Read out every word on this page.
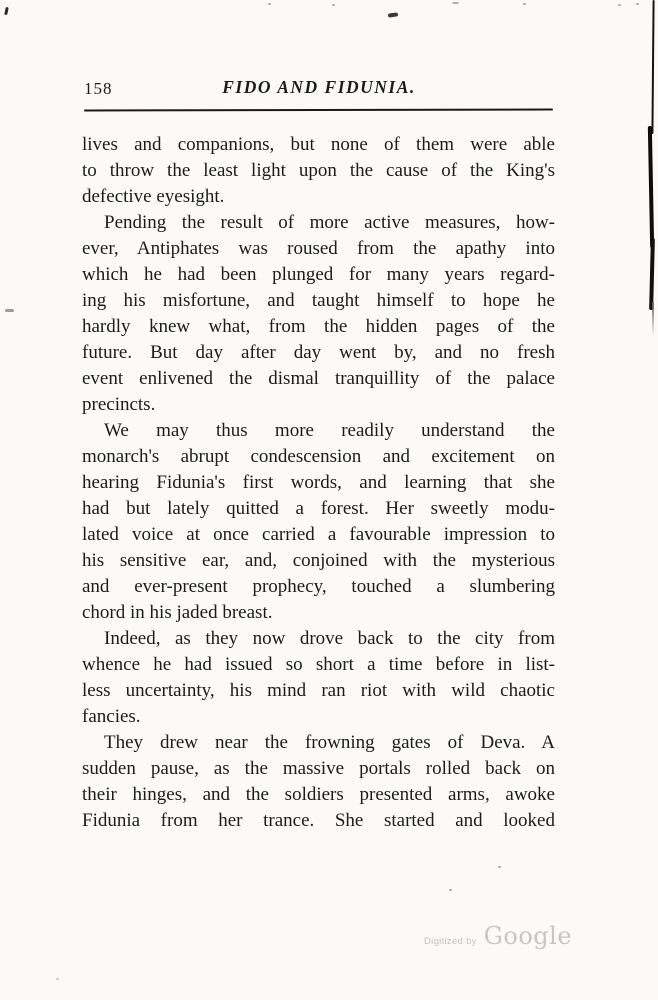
158	FIDO AND FIDUNIA.
lives and companions, but none of them were able
to throw the least light upon the cause of the King's
defective eyesight.
Pending the result of more active measures, how-
ever, Antiphates was roused from the apathy into
which he had been plunged for many years regard-
ing his misfortune, and taught himself to hope he
hardly knew what, from the hidden pages of the
future. But day after day went by, and no fresh
event enlivened the dismal tranquillity of the palace
precincts.
We may thus more readily understand the
monarch's abrupt condescension and excitement on
hearing Fidunia's first words, and learning that she
had but lately quitted a forest. Her sweetly modu-
lated voice at once carried a favourable impression to
his sensitive ear, and, conjoined with the mysterious
and ever-present prophecy, touched a slumbering
chord in his jaded breast.
Indeed, as they now drove back to the city from
whence he had issued so short a time before in list-
less uncertainty, his mind ran riot with wild chaotic
fancies.
They drew near the frowning gates of Deva. A
sudden pause, as the massive portals rolled back on
their hinges, and the soldiers presented arms, awoke
Fidunia from her trance. She started and looked
Digitized by Google
